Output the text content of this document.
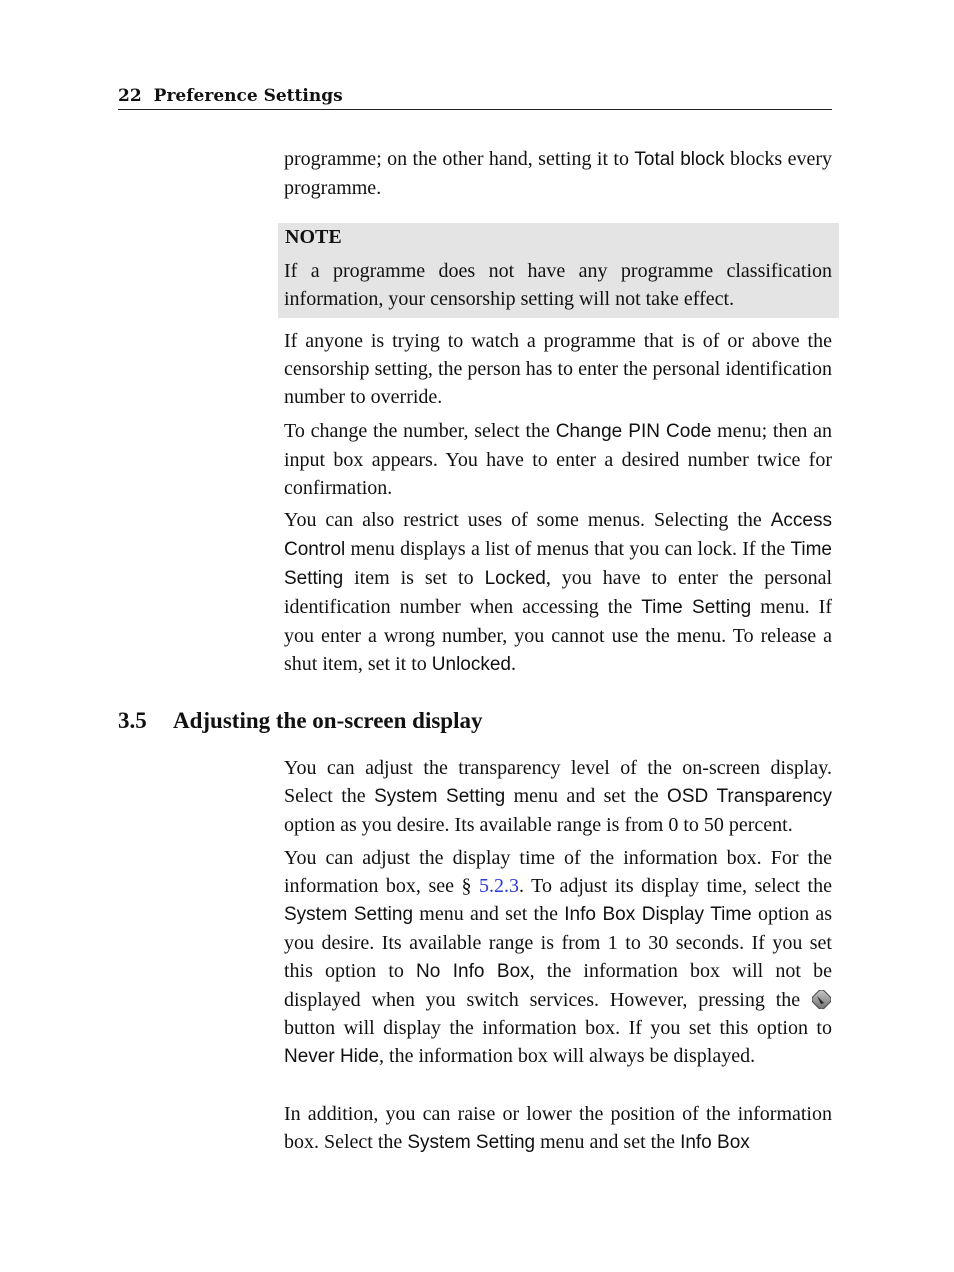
22 Preference Settings

programme; on the other hand, setting it to Total block blocks every programme.

NOTE
If a programme does not have any programme classification information, your censorship setting will not take effect.

If anyone is trying to watch a programme that is of or above the censorship setting, the person has to enter the personal identification number to override.

To change the number, select the Change PIN Code menu; then an input box appears. You have to enter a desired number twice for confirmation.

You can also restrict uses of some menus. Selecting the Access Control menu displays a list of menus that you can lock. If the Time Setting item is set to Locked, you have to enter the personal identification number when accessing the Time Setting menu. If you enter a wrong number, you cannot use the menu. To release a shut item, set it to Unlocked.

3.5 Adjusting the on-screen display

You can adjust the transparency level of the on-screen display. Select the System Setting menu and set the OSD Transparency option as you desire. Its available range is from 0 to 50 percent.

You can adjust the display time of the information box. For the information box, see § 5.2.3. To adjust its display time, select the System Setting menu and set the Info Box Display Time option as you desire. Its available range is from 1 to 30 seconds. If you set this option to No Info Box, the information box will not be displayed when you switch services. However, pressing the  button will display the information box. If you set this option to Never Hide, the information box will always be displayed.

In addition, you can raise or lower the position of the information box. Select the System Setting menu and set the Info Box
